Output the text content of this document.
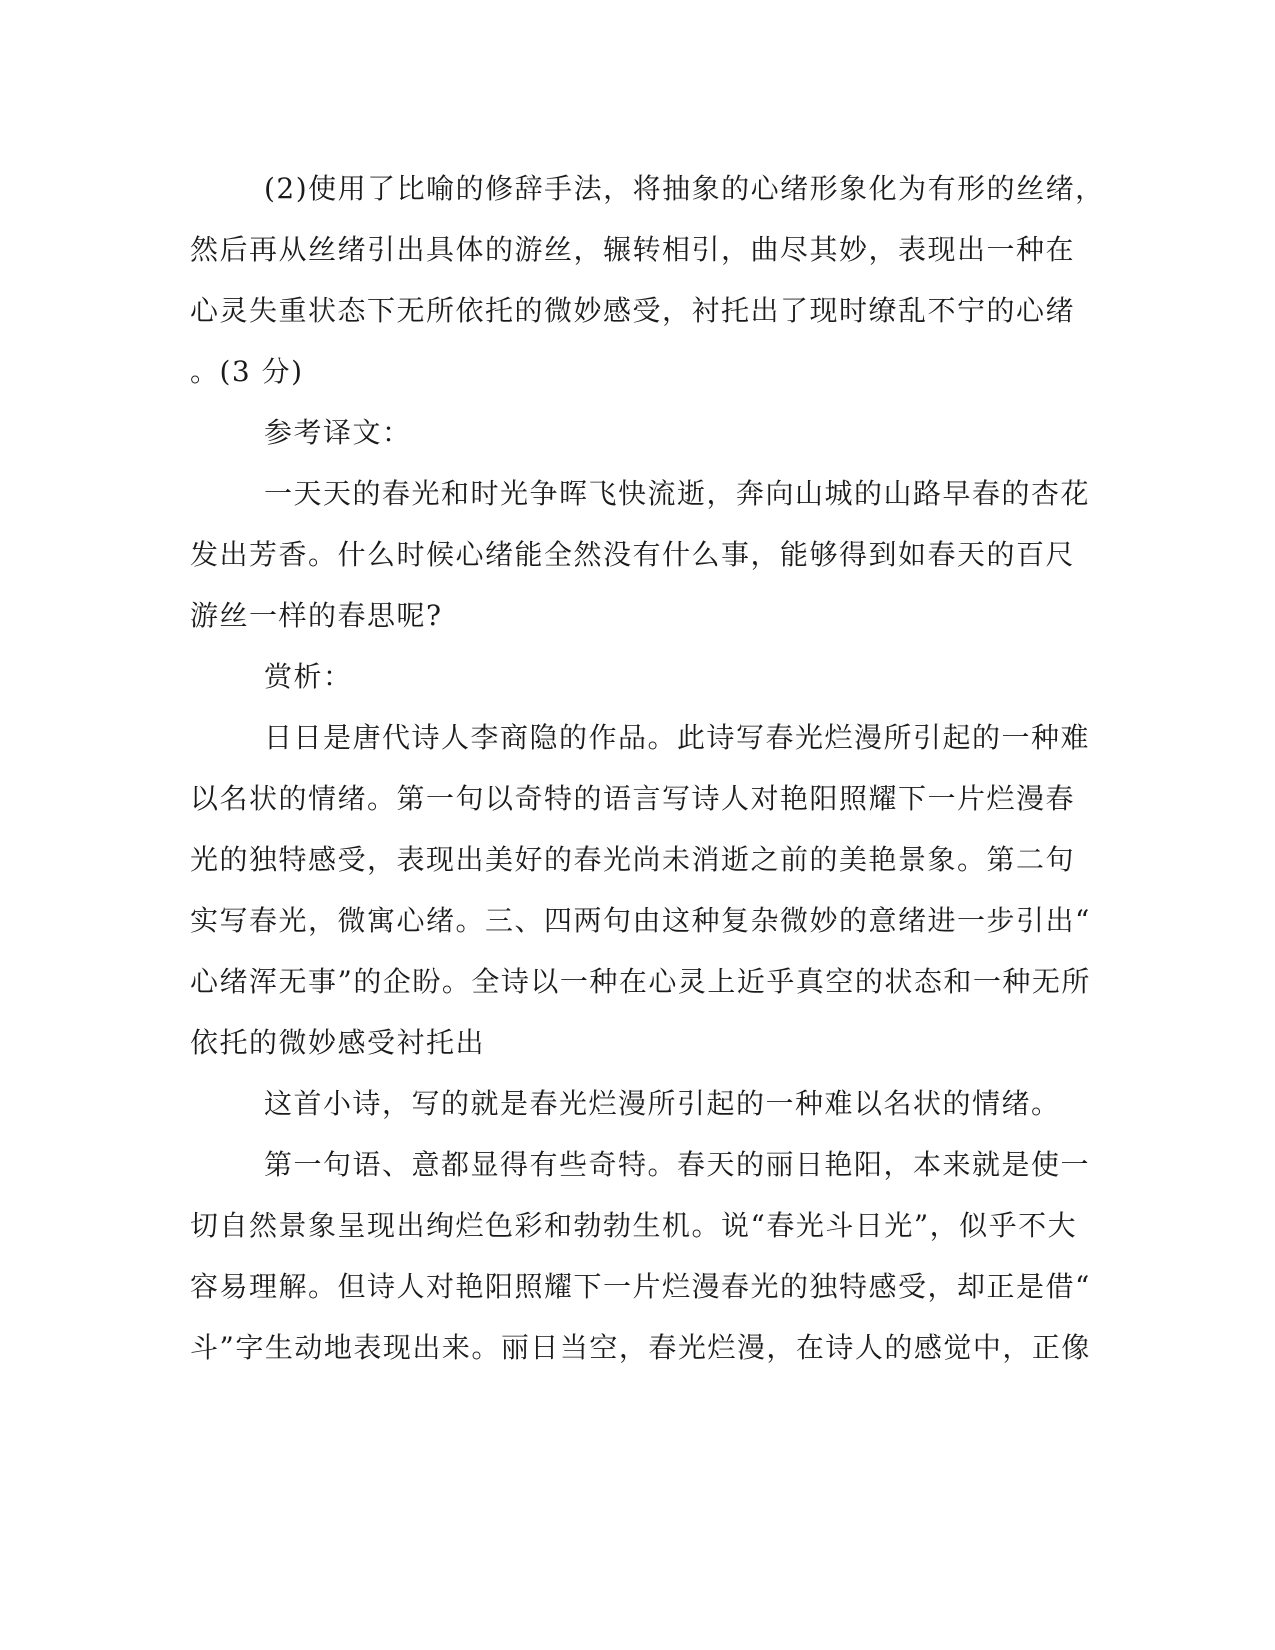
(2)使用了比喻的修辞手法，将抽象的心绪形象化为有形的丝绪，
然后再从丝绪引出具体的游丝，辗转相引，曲尽其妙，表现出一种在
心灵失重状态下无所依托的微妙感受，衬托出了现时缭乱不宁的心绪
。(3 分)

参考译文：

一天天的春光和时光争晖飞快流逝，奔向山城的山路早春的杏花
发出芳香。什么时候心绪能全然没有什么事，能够得到如春天的百尺
游丝一样的春思呢?

赏析：

日日是唐代诗人李商隐的作品。此诗写春光烂漫所引起的一种难
以名状的情绪。第一句以奇特的语言写诗人对艳阳照耀下一片烂漫春
光的独特感受，表现出美好的春光尚未消逝之前的美艳景象。第二句
实写春光，微寓心绪。三、四两句由这种复杂微妙的意绪进一步引出“
心绪浑无事”的企盼。全诗以一种在心灵上近乎真空的状态和一种无所
依托的微妙感受衬托出

这首小诗，写的就是春光烂漫所引起的一种难以名状的情绪。

第一句语、意都显得有些奇特。春天的丽日艳阳，本来就是使一
切自然景象呈现出绚烂色彩和勃勃生机。说“春光斗日光”，似乎不大
容易理解。但诗人对艳阳照耀下一片烂漫春光的独特感受，却正是借“
斗”字生动地表现出来。丽日当空，春光烂漫，在诗人的感觉中，正像
